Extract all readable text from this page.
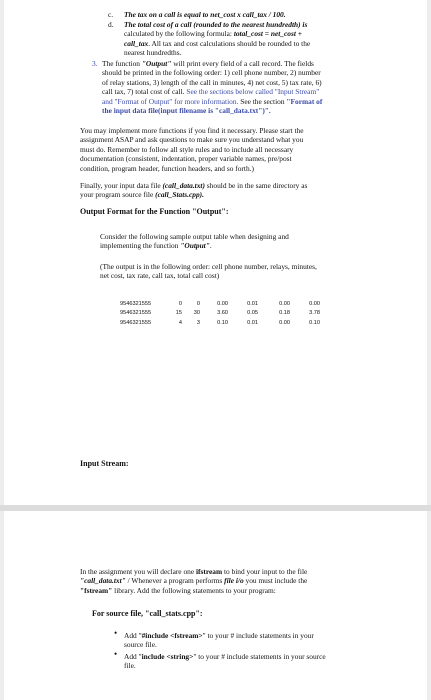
c. The tax on a call is equal to net_cost x call_tax / 100.
d. The total cost of a call (rounded to the nearest hundredth) is
calculated by the following formula: total_cost = net_cost +
call_tax. All tax and cost calculations should be rounded to the
nearest hundredths.
3. The function "Output" will print every field of a call record. The fields
should be printed in the following order: 1) cell phone number, 2) number
of relay stations, 3) length of the call in minutes, 4) net cost, 5) tax rate, 6)
call tax, 7) total cost of call. See the sections below called "Input Stream"
and "Format of Output" for more information. See the section "Format of
the input data file(input filename is "call_data.txt")".
You may implement more functions if you find it necessary. Please start the
assignment ASAP and ask questions to make sure you understand what you
must do. Remember to follow all style rules and to include all necessary
documentation (consistent, indentation, proper variable names, pre/post
condition, program header, function headers, and so forth.)
Finally, your input data file (call_data.txt) should be in the same directory as
your program source file (call_Stats.cpp).
Output Format for the Function "Output":
Consider the following sample output table when designing and
implementing the function "Output".
(The output is in the following order: cell phone number, relays, minutes,
net cost, tax rate, call tax, total call cost)
9546321555	0	0	0.00	0.01	0.00	0.00
9546321555	15	30	3.60	0.05	0.18	3.78
9546321555	4	3	0.10	0.01	0.00	0.10
Input Stream:
In the assignment you will declare one ifstream to bind your input to the file
"call_data.txt" / Whenever a program performs file i/o you must include the
"fstream" library. Add the following statements to your program:
For source file, "call_stats.cpp":
• Add "#include <fstream>" to your # include statements in your
source file.
• Add "include <string>" to your # include statements in your source
file.
